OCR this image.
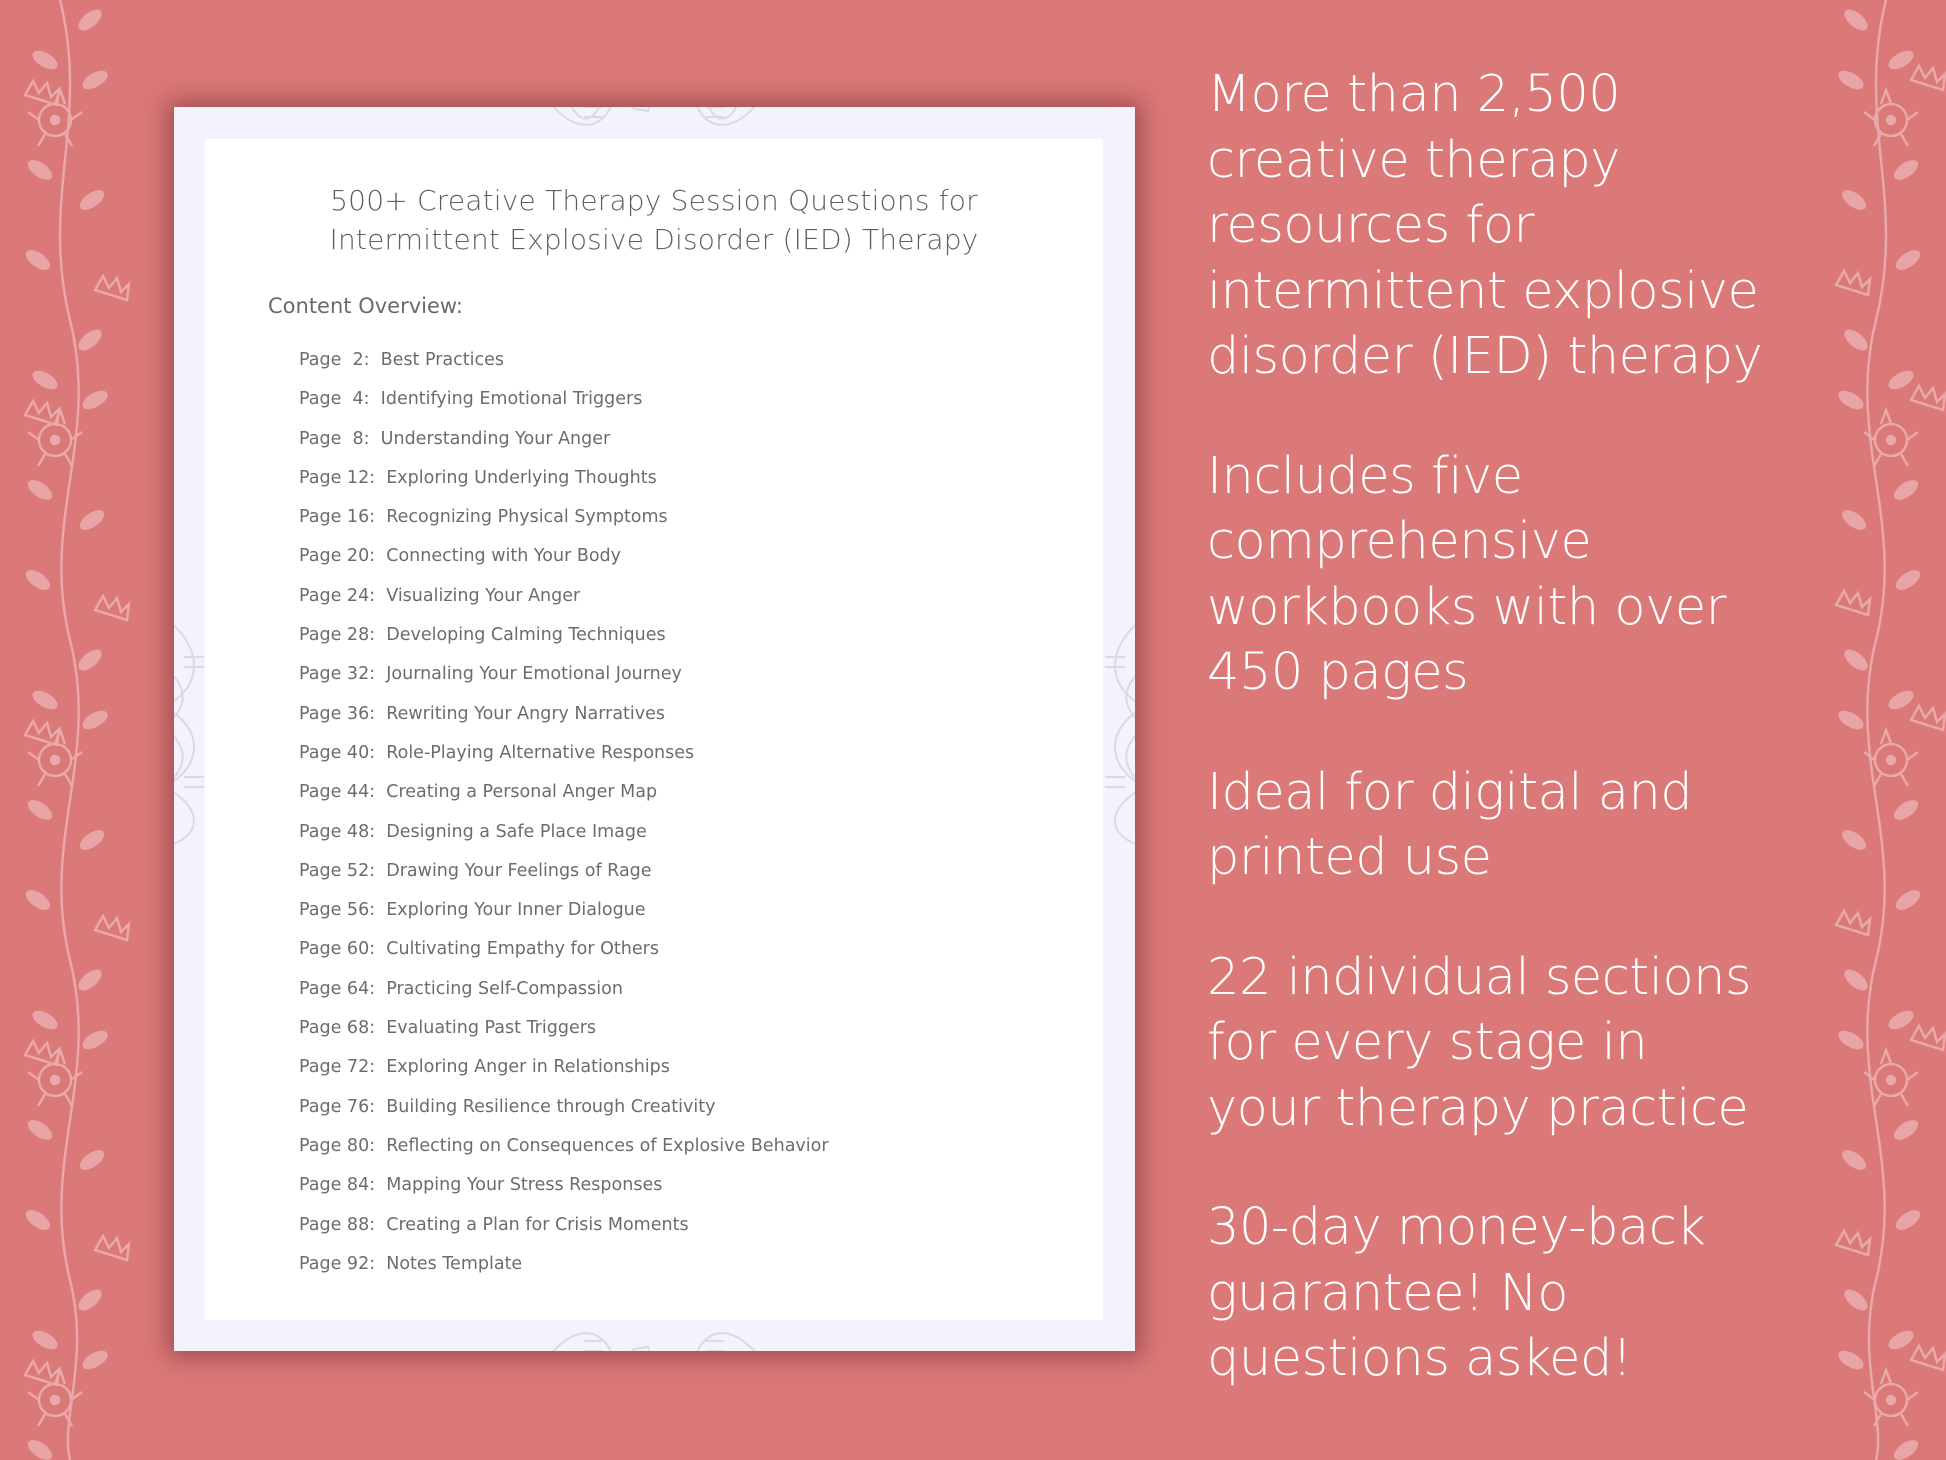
500+ Creative Therapy Session Questions for
Intermittent Explosive Disorder (IED) Therapy
Content Overview:
Page  2: Best Practices
Page  4: Identifying Emotional Triggers
Page  8: Understanding Your Anger
Page 12: Exploring Underlying Thoughts
Page 16: Recognizing Physical Symptoms
Page 20: Connecting with Your Body
Page 24: Visualizing Your Anger
Page 28: Developing Calming Techniques
Page 32: Journaling Your Emotional Journey
Page 36: Rewriting Your Angry Narratives
Page 40: Role-Playing Alternative Responses
Page 44: Creating a Personal Anger Map
Page 48: Designing a Safe Place Image
Page 52: Drawing Your Feelings of Rage
Page 56: Exploring Your Inner Dialogue
Page 60: Cultivating Empathy for Others
Page 64: Practicing Self-Compassion
Page 68: Evaluating Past Triggers
Page 72: Exploring Anger in Relationships
Page 76: Building Resilience through Creativity
Page 80: Reflecting on Consequences of Explosive Behavior
Page 84: Mapping Your Stress Responses
Page 88: Creating a Plan for Crisis Moments
Page 92: Notes Template

More than 2,500 creative therapy resources for intermittent explosive disorder (IED) therapy

Includes five comprehensive workbooks with over 450 pages

Ideal for digital and printed use

22 individual sections for every stage in your therapy practice

30-day money-back guarantee! No questions asked!
